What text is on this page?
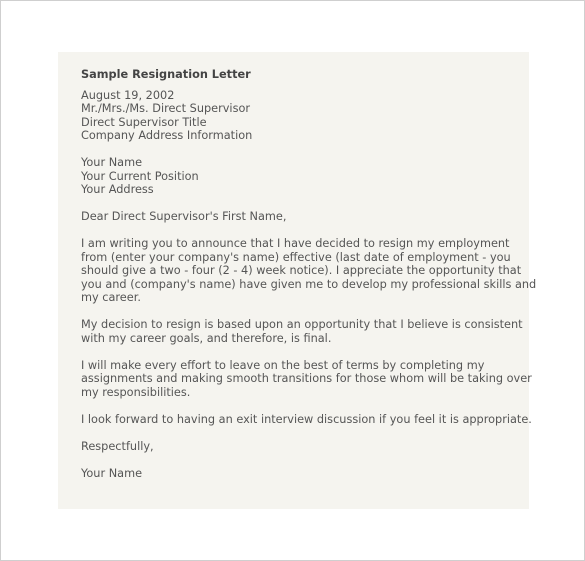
Sample Resignation Letter
August 19, 2002
Mr./Mrs./Ms. Direct Supervisor
Direct Supervisor Title
Company Address Information
Your Name
Your Current Position
Your Address

Dear Direct Supervisor's First Name,

I am writing you to announce that I have decided to resign my employment
from (enter your company's name) effective (last date of employment - you
should give a two - four (2 - 4) week notice). I appreciate the opportunity that
you and (company's name) have given me to develop my professional skills and
my career.

My decision to resign is based upon an opportunity that I believe is consistent
with my career goals, and therefore, is final.

I will make every effort to leave on the best of terms by completing my
assignments and making smooth transitions for those whom will be taking over
my responsibilities.

I look forward to having an exit interview discussion if you feel it is appropriate.

Respectfully,

Your Name
